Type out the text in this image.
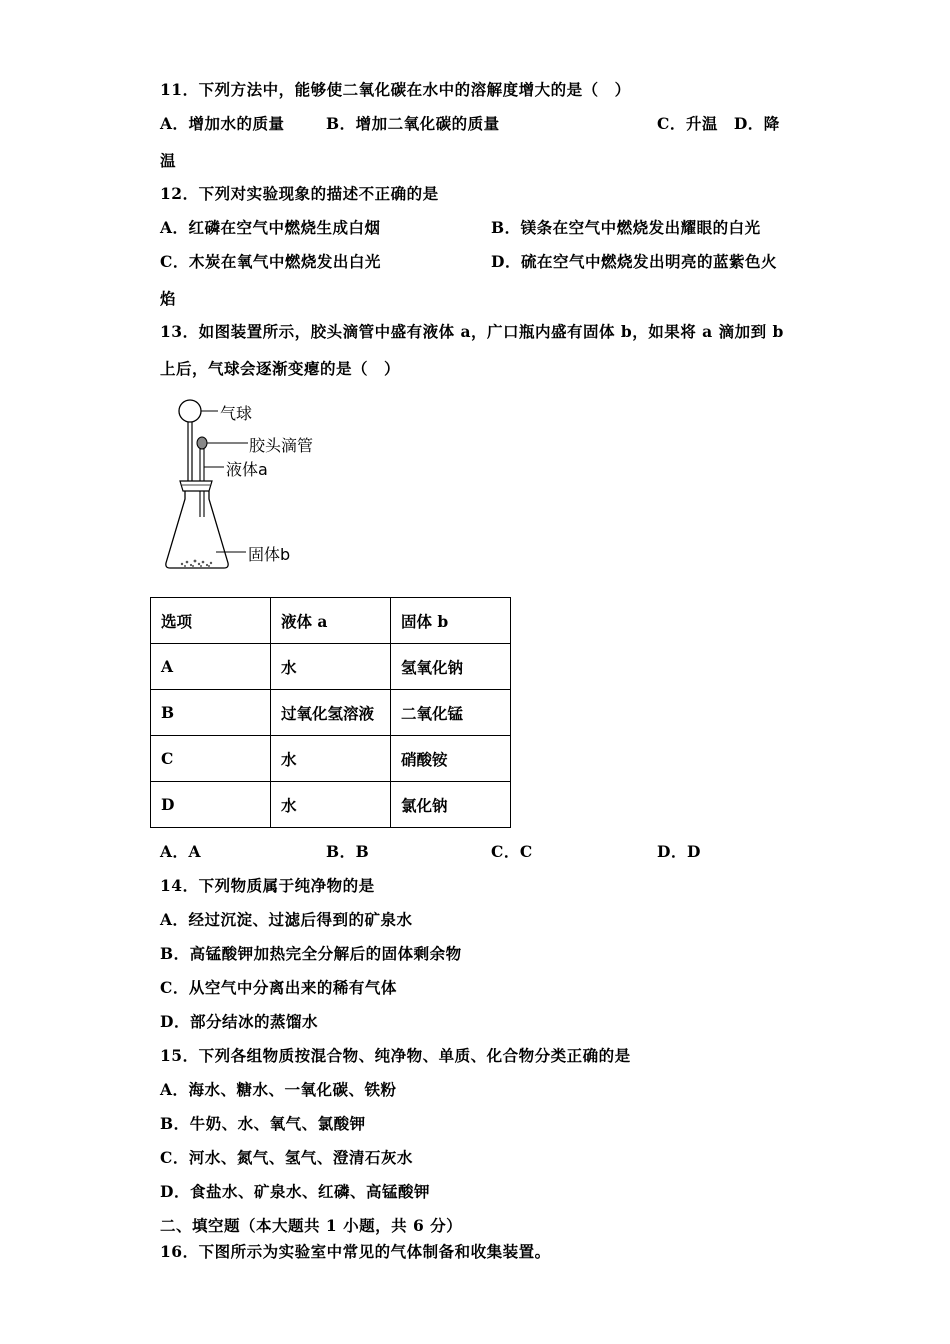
11．下列方法中，能够使二氧化碳在水中的溶解度增大的是（　）
A．增加水的质量	B．增加二氧化碳的质量	C．升温　D．降
温
12．下列对实验现象的描述不正确的是
A．红磷在空气中燃烧生成白烟	B．镁条在空气中燃烧发出耀眼的白光
C．木炭在氧气中燃烧发出白光	D．硫在空气中燃烧发出明亮的蓝紫色火
焰
13．如图装置所示，胶头滴管中盛有液体 a，广口瓶内盛有固体 b，如果将 a 滴加到 b
上后，气球会逐渐变瘪的是（　）
气球
胶头滴管
液体a
固体b
选项	液体 a	固体 b
A	水	氢氧化钠
B	过氧化氢溶液	二氧化锰
C	水	硝酸铵
D	水	氯化钠
A．A	B．B	C．C	D．D
14．下列物质属于纯净物的是
A．经过沉淀、过滤后得到的矿泉水
B．高锰酸钾加热完全分解后的固体剩余物
C．从空气中分离出来的稀有气体
D．部分结冰的蒸馏水
15．下列各组物质按混合物、纯净物、单质、化合物分类正确的是
A．海水、糖水、一氧化碳、铁粉
B．牛奶、水、氧气、氯酸钾
C．河水、氮气、氢气、澄清石灰水
D．食盐水、矿泉水、红磷、高锰酸钾
二、填空题（本大题共 1 小题，共 6 分）
16．下图所示为实验室中常见的气体制备和收集装置。
